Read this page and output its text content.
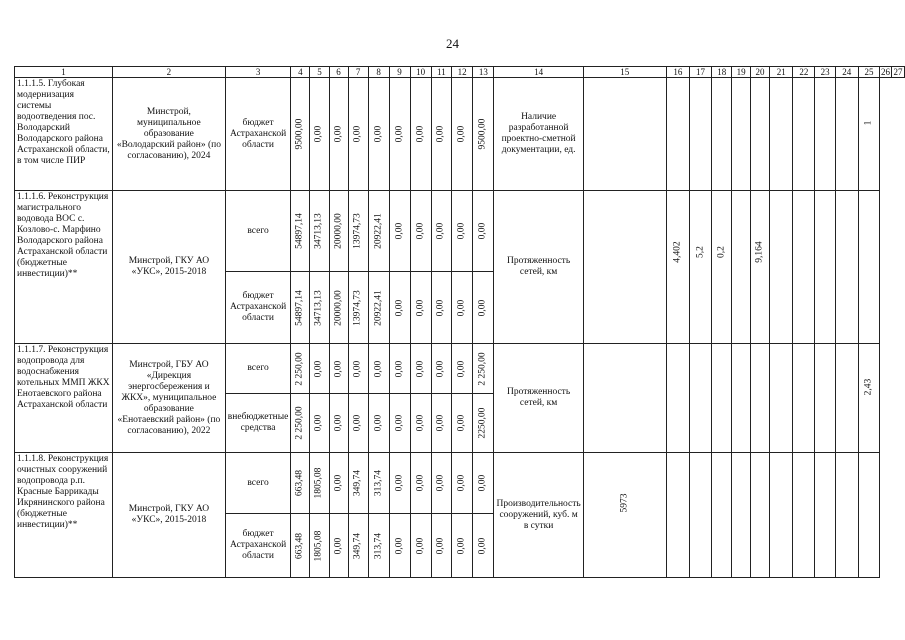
24
1	2	3	4	5	6	7	8	9	10	11	12	13	14	15	16	17	18	19	20	21	22	23	24	25	26	27
1.1.1.5. Глубокая модернизация системы водоотведения пос. Володарский Володарского района Астраханской области, в том числе ПИР	Минстрой, муниципальное образование «Володарский район» (по согласованию), 2024	бюджет Астраханской области	9500,00	0,00	0,00	0,00	0,00	0,00	0,00	0,00	0,00	9500,00	Наличие разработанной проектно-сметной документации, ед.											1		

1.1.1.6. Реконструкция магистрального водовода ВОС с. Козлово-с. Марфино Володарского района Астраханской области (бюджетные инвестиции)**	Минстрой, ГКУ АО «УКС», 2015-2018	всего	54897,14	34713,13	20000,00	13974,73	20922,41	0,00	0,00	0,00	0,00	0,00	Протяженность сетей, км		4,402	5,2	0,2		9,164							

		бюджет Астраханской области	54897,14	34713,13	20000,00	13974,73	20922,41	0,00	0,00	0,00	0,00	0,00														

1.1.1.7. Реконструкция водопровода для водоснабжения котельных ММП ЖКХ Енотаевского района Астраханской области	Минстрой, ГБУ АО «Дирекция энергосбережения и ЖКХ», муниципальное образование «Енотаевский район» (по согласованию), 2022	всего	2 250,00	0,00	0,00	0,00	0,00	0,00	0,00	0,00	0,00	2 250,00	Протяженность сетей, км											2,43		

		внебюджетные средства	2 250,00	0,00	0,00	0,00	0,00	0,00	0,00	0,00	0,00	2250,00														

1.1.1.8. Реконструкция очистных сооружений водопровода р.п. Красные Баррикады Икрянинского района (бюджетные инвестиции)**	Минстрой, ГКУ АО «УКС», 2015-2018	всего	663,48	1805,08	0,00	349,74	313,74	0,00	0,00	0,00	0,00	0,00	Производительность сооружений, куб. м в сутки	5973												

		бюджет Астраханской области	663,48	1805,08	0,00	349,74	313,74	0,00	0,00	0,00	0,00	0,00														
